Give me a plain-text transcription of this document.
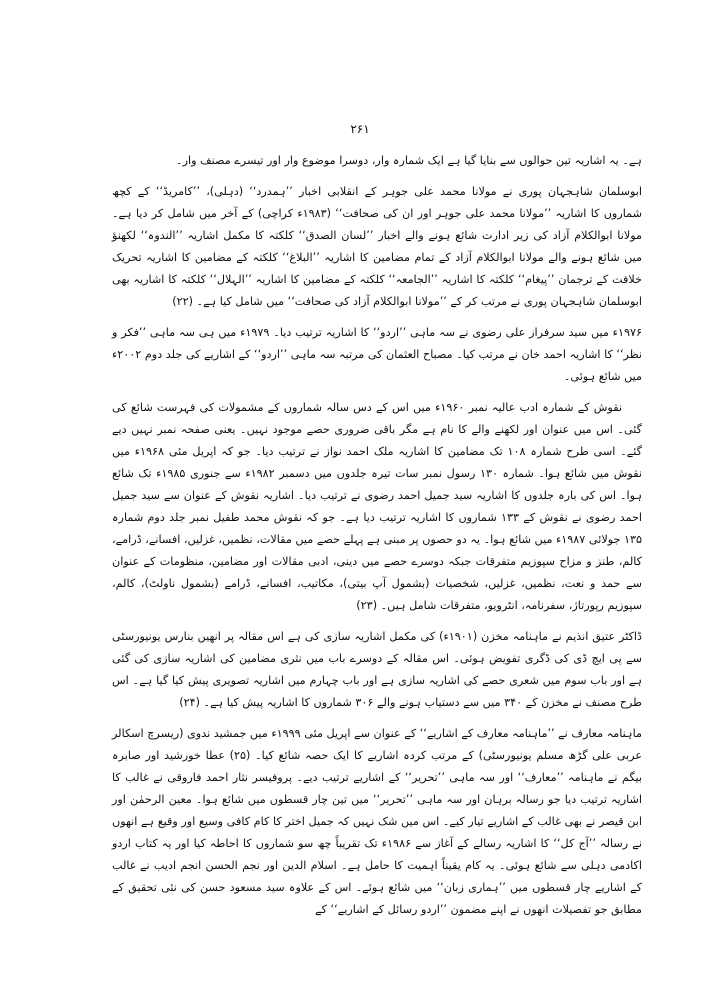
۲۶۱

ہے۔ یہ اشاریہ تین حوالوں سے بنایا گیا ہے ایک شمارہ وار، دوسرا موضوع وار اور تیسرے مصنف وار۔

ابوسلمان شاہجہان پوری نے مولانا محمد علی جوہر کے انقلابی اخبار ’’ہمدرد‘‘ (دہلی)، ’’کامریڈ‘‘ کے کچھ شماروں کا اشاریہ ’’مولانا محمد علی جوہر اور ان کی صحافت‘‘ (۱۹۸۳ء کراچی) کے آخر میں شامل کر دیا ہے۔ مولانا ابوالکلام آزاد کی زیر ادارت شائع ہونے والے اخبار ’’لسان الصدق‘‘ کلکتہ کا مکمل اشاریہ ’’الندوہ‘‘ لکھنؤ میں شائع ہونے والے مولانا ابوالکلام آزاد کے تمام مضامین کا اشاریہ ’’البلاغ‘‘ کلکتہ کے مضامین کا اشاریہ تحریک خلافت کے ترجمان ’’پیغام‘‘ کلکتہ کا اشاریہ ’’الجامعہ‘‘ کلکتہ کے مضامین کا اشاریہ ’’الہلال‘‘ کلکتہ کا اشاریہ بھی ابوسلمان شاہجہان پوری نے مرتب کر کے ’’مولانا ابوالکلام آزاد کی صحافت‘‘ میں شامل کیا ہے۔ (۲۲)

۱۹۷۶ء میں سید سرفراز علی رضوی نے سہ ماہی ’’اردو‘‘ کا اشاریہ ترتیب دیا۔ ۱۹۷۹ء میں ہی سہ ماہی ’’فکر و نظر‘‘ کا اشاریہ احمد خان نے مرتب کیا۔ مصباح العثمان کی مرتبہ سہ ماہی ’’اردو‘‘ کے اشاریے کی جلد دوم ۲۰۰۲ء میں شائع ہوئی۔

نقوش کے شمارہ ادب عالیہ نمبر ۱۹۶۰ء میں اس کے دس سالہ شماروں کے مشمولات کی فہرست شائع کی گئی۔ اس میں عنوان اور لکھنے والے کا نام ہے مگر باقی ضروری حصے موجود نہیں۔ یعنی صفحہ نمبر نہیں دیے گئے۔ اسی طرح شمارہ ۱۰۸ تک مضامین کا اشاریہ ملک احمد نواز نے ترتیب دیا۔ جو کہ اپریل مئی ۱۹۶۸ء میں نقوش میں شائع ہوا۔ شمارہ ۱۳۰ رسول نمبر سات تیرہ جلدوں میں دسمبر ۱۹۸۲ء سے جنوری ۱۹۸۵ء تک شائع ہوا۔ اس کی بارہ جلدوں کا اشاریہ سید جمیل احمد رضوی نے ترتیب دیا۔ اشاریہ نقوش کے عنوان سے سید جمیل احمد رضوی نے نقوش کے ۱۳۳ شماروں کا اشاریہ ترتیب دیا ہے۔ جو کہ نقوش محمد طفیل نمبر جلد دوم شمارہ ۱۳۵ جولائی ۱۹۸۷ء میں شائع ہوا۔ یہ دو حصوں پر مبنی ہے پہلے حصے میں مقالات، نظمیں، غزلیں، افسانے، ڈرامے، کالم، طنز و مزاح سپوزیم متفرقات جبکہ دوسرے حصے میں دینی، ادبی مقالات اور مضامین، منظومات کے عنوان سے حمد و نعت، نظمیں، غزلیں، شخصیات (بشمول آپ بیتی)، مکاتیب، افسانے، ڈرامے (بشمول ناولٹ)، کالم، سپوزیم رپورتاژ، سفرنامہ، انٹرویو، متفرقات شامل ہیں۔ (۲۳)

ڈاکٹر عتیق انذیم نے ماہنامہ مخزن (۱۹۰۱ء) کی مکمل اشاریہ سازی کی ہے اس مقالہ پر انھیں بنارس یونیورسٹی سے پی ایچ ڈی کی ڈگری تفویض ہوئی۔ اس مقالہ کے دوسرے باب میں نثری مضامین کی اشاریہ سازی کی گئی ہے اور باب سوم میں شعری حصے کی اشاریہ سازی ہے اور باب چہارم میں اشاریہ تصویری پیش کیا گیا ہے۔ اس طرح مصنف نے مخزن کے ۳۴۰ میں سے دستیاب ہونے والے ۳۰۶ شماروں کا اشاریہ پیش کیا ہے۔ (۲۴)

ماہنامہ معارف نے ’’ماہنامہ معارف کے اشاریے‘‘ کے عنوان سے اپریل مئی ۱۹۹۹ء میں جمشید ندوی (ریسرچ اسکالر عربی علی گڑھ مسلم یونیورسٹی) کے مرتب کردہ اشاریے کا ایک حصہ شائع کیا۔ (۲۵) عطا خورشید اور صابرہ بیگم نے ماہنامہ ’’معارف‘‘ اور سہ ماہی ’’تحریر‘‘ کے اشاریے ترتیب دیے۔ پروفیسر نثار احمد فاروقی نے غالب کا اشاریہ ترتیب دیا جو رسالہ برہان اور سہ ماہی ’’تحریر‘‘ میں تین چار قسطوں میں شائع ہوا۔ معین الرحمٰن اور ابن قیصر نے بھی غالب کے اشاریے تیار کیے۔ اس میں شک نہیں کہ جمیل اختر کا کام کافی وسیع اور وقیع ہے انھوں نے رسالہ ’’آج کل‘‘ کا اشاریہ رسالے کے آغاز سے ۱۹۸۶ء تک تقریباً چھ سو شماروں کا احاطہ کیا اور یہ کتاب اردو اکادمی دہلی سے شائع ہوئی۔ یہ کام یقیناً اہمیت کا حامل ہے۔ اسلام الدین اور نجم الحسن انجم ادیب نے غالب کے اشاریے چار قسطوں میں ’’ہماری زبان‘‘ میں شائع ہوئے۔ اس کے علاوہ سید مسعود حسن کی نئی تحقیق کے مطابق جو تفصیلات انھوں نے اپنے مضمون ’’اردو رسائل کے اشاریے‘‘ کے
